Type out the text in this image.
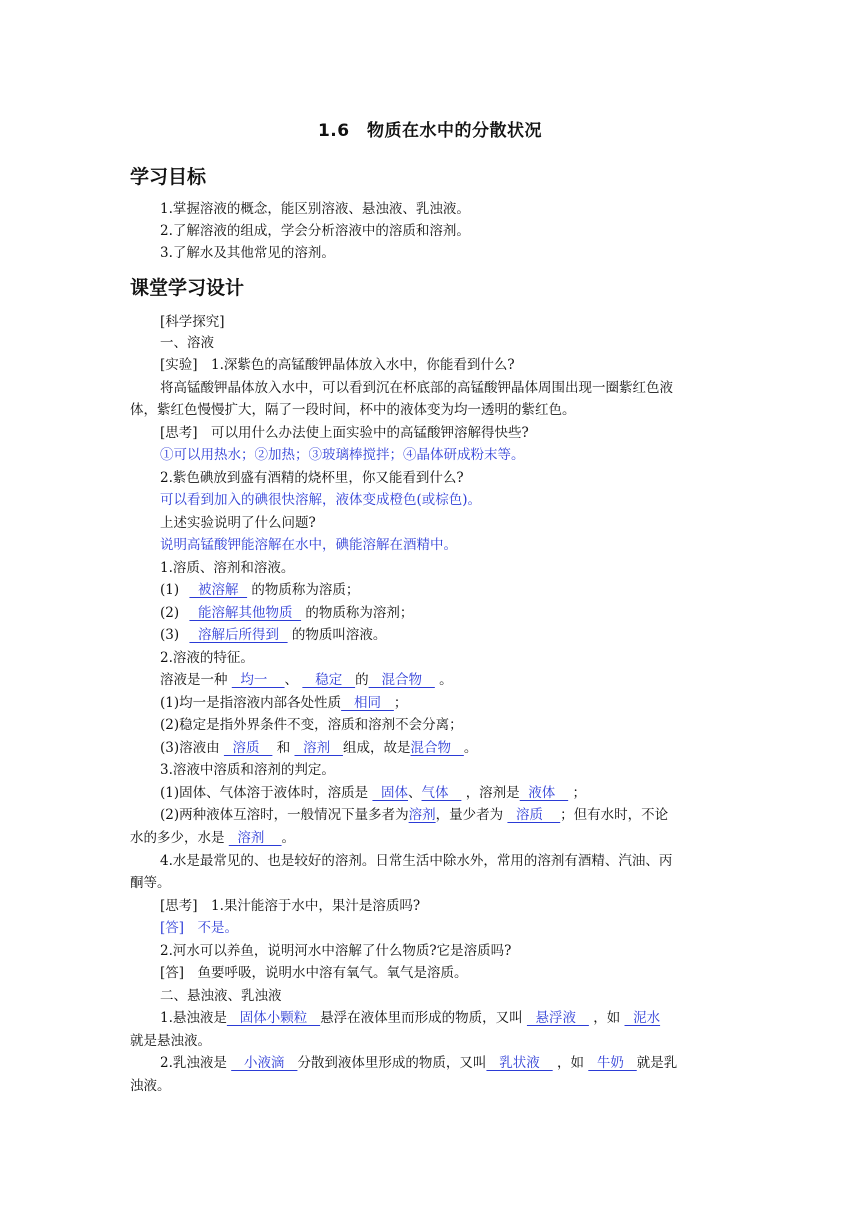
1.6　物质在水中的分散状况
学习目标
1.掌握溶液的概念，能区别溶液、悬浊液、乳浊液。
2.了解溶液的组成，学会分析溶液中的溶质和溶剂。
3.了解水及其他常见的溶剂。
课堂学习设计
[科学探究]
一、溶液
[实验]　1.深紫色的高锰酸钾晶体放入水中，你能看到什么?
将高锰酸钾晶体放入水中，可以看到沉在杯底部的高锰酸钾晶体周围出现一圈紫红色液
体，紫红色慢慢扩大，隔了一段时间，杯中的液体变为均一透明的紫红色。
[思考]　可以用什么办法使上面实验中的高锰酸钾溶解得快些?
①可以用热水；②加热；③玻璃棒搅拌；④晶体研成粉末等。
2.紫色碘放到盛有酒精的烧杯里，你又能看到什么?
可以看到加入的碘很快溶解，液体变成橙色(或棕色)。
上述实验说明了什么问题?
说明高锰酸钾能溶解在水中，碘能溶解在酒精中。
1.溶质、溶剂和溶液。
(1)   被溶解   的物质称为溶质；
(2)   能溶解其他物质   的物质称为溶剂；
(3)   溶解后所得到   的物质叫溶液。
2.溶液的特征。
溶液是一种   均一    、    稳定   的   混合物    。
(1)均一是指溶液内部各处性质   相同   ；
(2)稳定是指外界条件不变，溶质和溶剂不会分离；
(3)溶液由   溶质    和   溶剂   组成，故是混合物   。
3.溶液中溶质和溶剂的判定。
(1)固体、气体溶于液体时，溶质是   固体、气体    ，溶剂是  液体    ；
(2)两种液体互溶时，一般情况下量多者为溶剂，量少者为   溶质    ；但有水时，不论
水的多少，水是   溶剂    。
4.水是最常见的、也是较好的溶剂。日常生活中除水外，常用的溶剂有酒精、汽油、丙
酮等。
[思考]　1.果汁能溶于水中，果汁是溶质吗?
[答]　不是。
2.河水可以养鱼，说明河水中溶解了什么物质?它是溶质吗?
[答]　鱼要呼吸，说明水中溶有氧气。氧气是溶质。
二、悬浊液、乳浊液
1.悬浊液是   固体小颗粒   悬浮在液体里而形成的物质，又叫   悬浮液    ，如   泥水
就是悬浊液。
2.乳浊液是    小液滴   分散到液体里形成的物质，又叫   乳状液    ，如   牛奶   就是乳
浊液。
